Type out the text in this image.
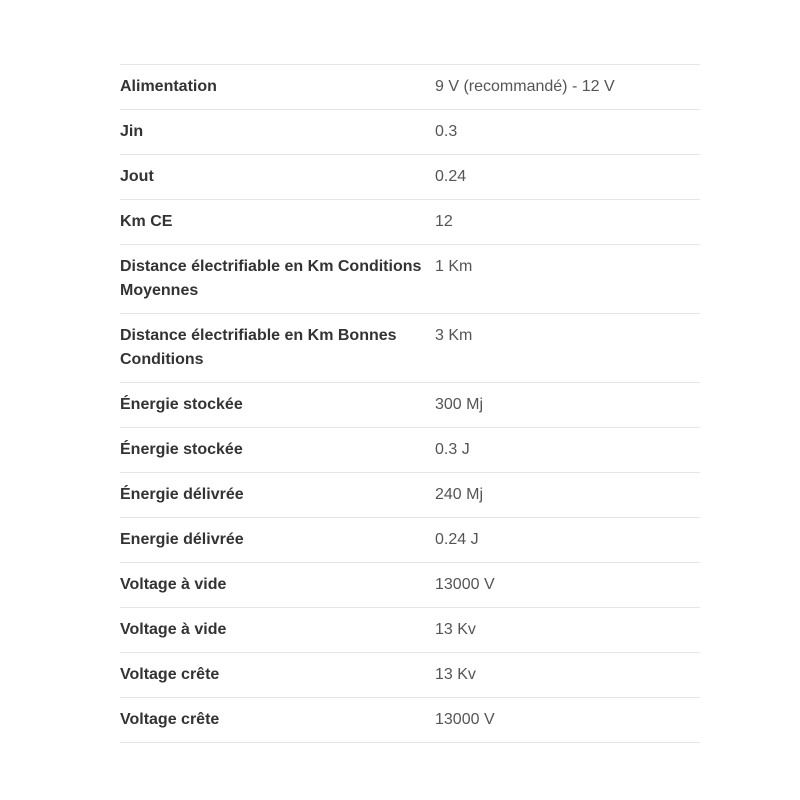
Alimentation	9 V (recommandé) - 12 V
Jin	0.3
Jout	0.24
Km CE	12
Distance électrifiable en Km Conditions Moyennes	1 Km
Distance électrifiable en Km Bonnes Conditions	3 Km
Énergie stockée	300 Mj
Énergie stockée	0.3 J
Énergie délivrée	240 Mj
Energie délivrée	0.24 J
Voltage à vide	13000 V
Voltage à vide	13 Kv
Voltage crête	13 Kv
Voltage crête	13000 V
